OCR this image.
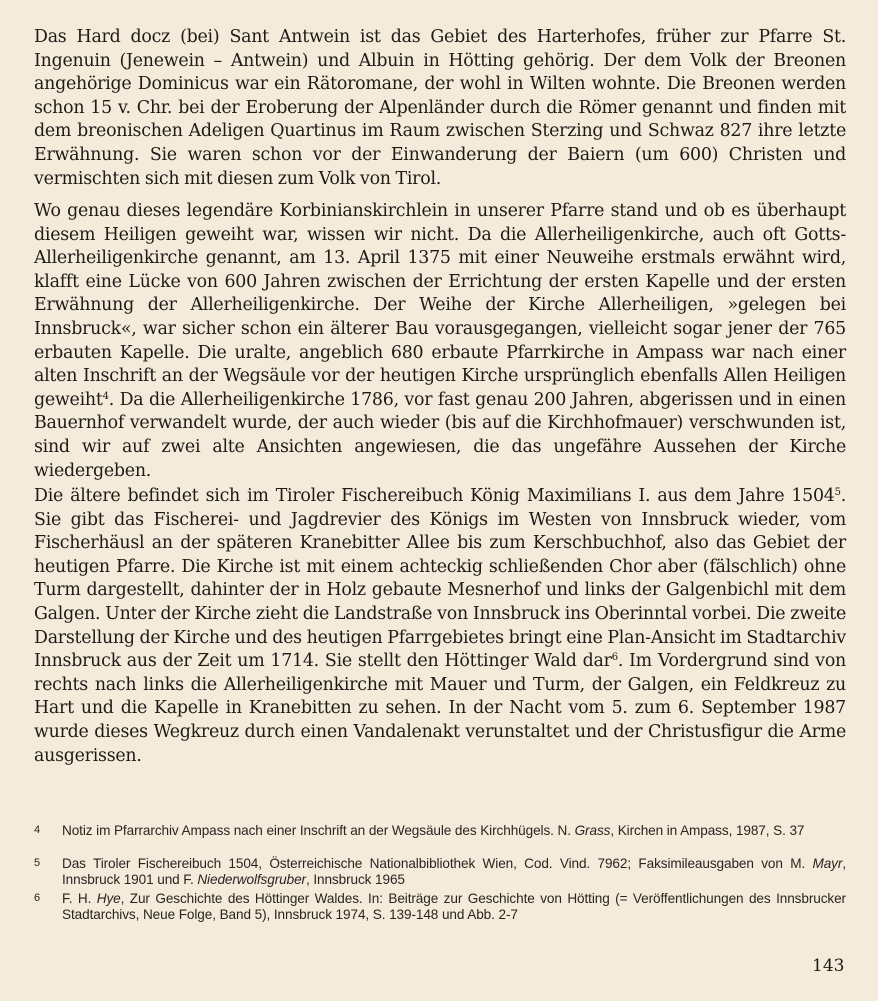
Das Hard docz (bei) Sant Antwein ist das Gebiet des Harterhofes, früher zur Pfarre St. Ingenuin (Jenewein – Antwein) und Albuin in Hötting gehörig. Der dem Volk der Breonen angehörige Dominicus war ein Rätoromane, der wohl in Wilten wohnte. Die Breonen werden schon 15 v. Chr. bei der Eroberung der Alpenländer durch die Römer genannt und finden mit dem breonischen Adeligen Quartinus im Raum zwischen Sterzing und Schwaz 827 ihre letzte Erwähnung. Sie waren schon vor der Einwanderung der Baiern (um 600) Christen und vermischten sich mit diesen zum Volk von Tirol.

Wo genau dieses legendäre Korbinianskirchlein in unserer Pfarre stand und ob es überhaupt diesem Heiligen geweiht war, wissen wir nicht. Da die Allerheiligenkirche, auch oft Gotts-Allerheiligenkirche genannt, am 13. April 1375 mit einer Neuweihe erstmals erwähnt wird, klafft eine Lücke von 600 Jahren zwischen der Errichtung der ersten Kapelle und der ersten Erwähnung der Allerheiligenkirche. Der Weihe der Kirche Allerheiligen, »gelegen bei Innsbruck«, war sicher schon ein älterer Bau vorausgegangen, vielleicht sogar jener der 765 erbauten Kapelle. Die uralte, angeblich 680 erbaute Pfarrkirche in Ampass war nach einer alten Inschrift an der Wegsäule vor der heutigen Kirche ursprünglich ebenfalls Allen Heiligen geweiht$^4$. Da die Allerheiligenkirche 1786, vor fast genau 200 Jahren, abgerissen und in einen Bauernhof verwandelt wurde, der auch wieder (bis auf die Kirchhofmauer) verschwunden ist, sind wir auf zwei alte Ansichten angewiesen, die das ungefähre Aussehen der Kirche wiedergeben.

Die ältere befindet sich im Tiroler Fischereibuch König Maximilians I. aus dem Jahre 1504$^5$. Sie gibt das Fischerei- und Jagdrevier des Königs im Westen von Innsbruck wieder, vom Fischerhäusl an der späteren Kranebitter Allee bis zum Kerschbuchhof, also das Gebiet der heutigen Pfarre. Die Kirche ist mit einem achteckig schließenden Chor aber (fälschlich) ohne Turm dargestellt, dahinter der in Holz gebaute Mesnerhof und links der Galgenbichl mit dem Galgen. Unter der Kirche zieht die Landstraße von Innsbruck ins Oberinntal vorbei. Die zweite Darstellung der Kirche und des heutigen Pfarrgebietes bringt eine Plan-Ansicht im Stadtarchiv Innsbruck aus der Zeit um 1714. Sie stellt den Höttinger Wald dar$^6$. Im Vordergrund sind von rechts nach links die Allerheiligenkirche mit Mauer und Turm, der Galgen, ein Feldkreuz zu Hart und die Kapelle in Kranebitten zu sehen. In der Nacht vom 5. zum 6. September 1987 wurde dieses Wegkreuz durch einen Vandalenakt verunstaltet und der Christusfigur die Arme ausgerissen.

4 Notiz im Pfarrarchiv Ampass nach einer Inschrift an der Wegsäule des Kirchhügels. N. Grass, Kirchen in Ampass, 1987, S. 37
5 Das Tiroler Fischereibuch 1504, Österreichische Nationalbibliothek Wien, Cod. Vind. 7962; Faksimileausgaben von M. Mayr, Innsbruck 1901 und F. Niederwolfsgruber, Innsbruck 1965
6 F. H. Hye, Zur Geschichte des Höttinger Waldes. In: Beiträge zur Geschichte von Hötting (= Veröffentlichungen des Innsbrucker Stadtarchivs, Neue Folge, Band 5), Innsbruck 1974, S. 139-148 und Abb. 2-7
143
